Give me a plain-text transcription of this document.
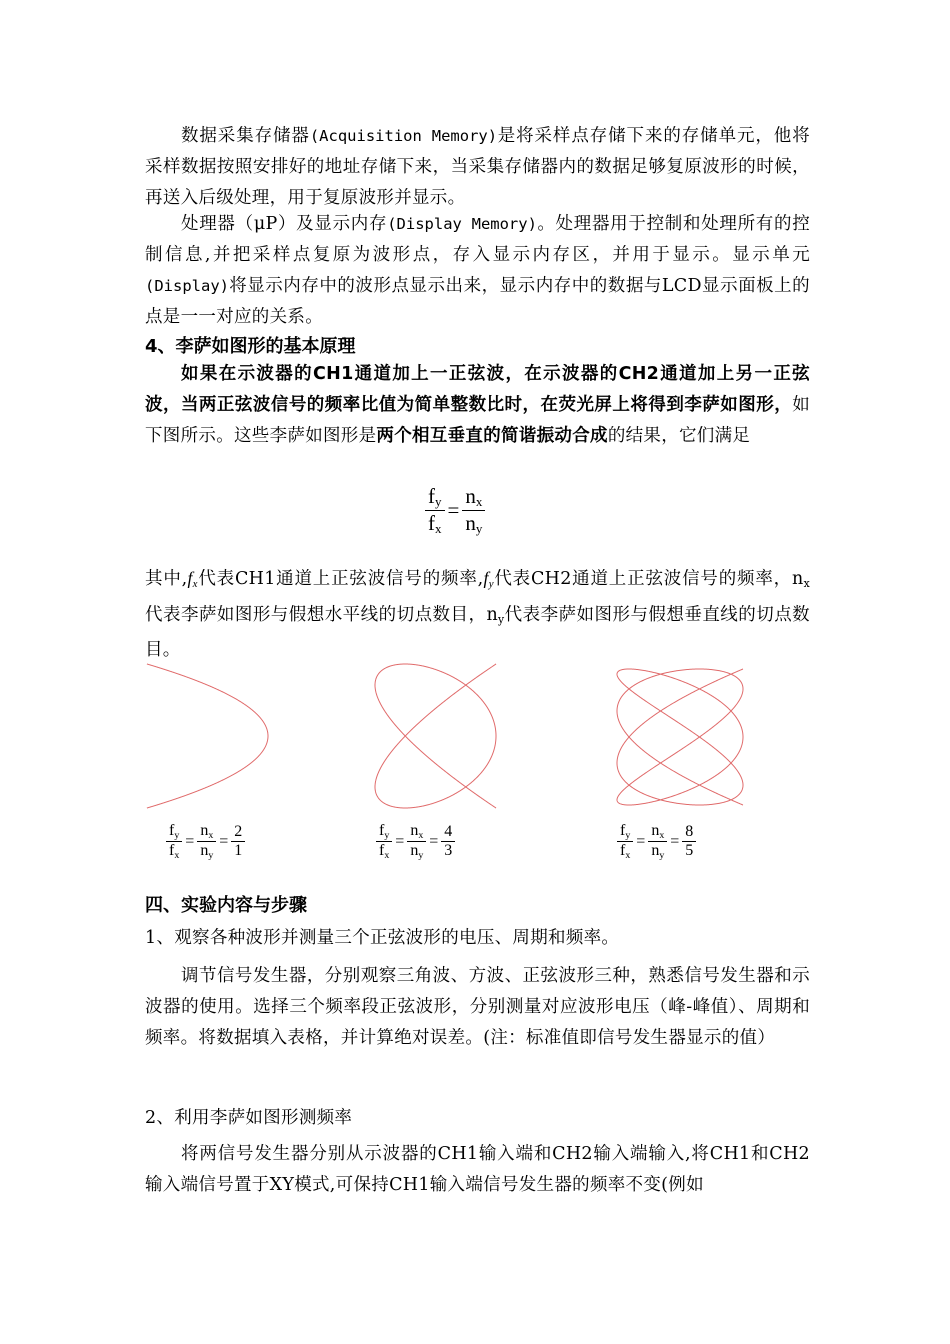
数据采集存储器(Acquisition Memory)是将采样点存储下来的存储单元，他将采样数据按照安排好的地址存储下来，当采集存储器内的数据足够复原波形的时候，再送入后级处理，用于复原波形并显示。

处理器（μP）及显示内存(Display Memory)。处理器用于控制和处理所有的控制信息,并把采样点复原为波形点，存入显示内存区，并用于显示。显示单元(Display)将显示内存中的波形点显示出来，显示内存中的数据与LCD显示面板上的点是一一对应的关系。

4、李萨如图形的基本原理

如果在示波器的CH1通道加上一正弦波，在示波器的CH2通道加上另一正弦波，当两正弦波信号的频率比值为简单整数比时，在荧光屏上将得到李萨如图形，如下图所示。这些李萨如图形是两个相互垂直的简谐振动合成的结果，它们满足

$\frac{f_y}{f_x} = \frac{n_x}{n_y}$

其中$,f_x$代表CH1通道上正弦波信号的频率$,f_y$代表CH2通道上正弦波信号的频率，$n_x$代表李萨如图形与假想水平线的切点数目，$n_y$代表李萨如图形与假想垂直线的切点数目。

$\frac{f_y}{f_x} = \frac{n_x}{n_y} = \frac{2}{1}$	$\frac{f_y}{f_x} = \frac{n_x}{n_y} = \frac{4}{3}$	$\frac{f_y}{f_x} = \frac{n_x}{n_y} = \frac{8}{5}$

四、实验内容与步骤

1、观察各种波形并测量三个正弦波形的电压、周期和频率。

调节信号发生器，分别观察三角波、方波、正弦波形三种，熟悉信号发生器和示波器的使用。选择三个频率段正弦波形，分别测量对应波形电压（峰-峰值）、周期和频率。将数据填入表格，并计算绝对误差。(注：标准值即信号发生器显示的值）

2、利用李萨如图形测频率

将两信号发生器分别从示波器的CH1输入端和CH2输入端输入,将CH1和CH2输入端信号置于XY模式,可保持CH1输入端信号发生器的频率不变(例如
